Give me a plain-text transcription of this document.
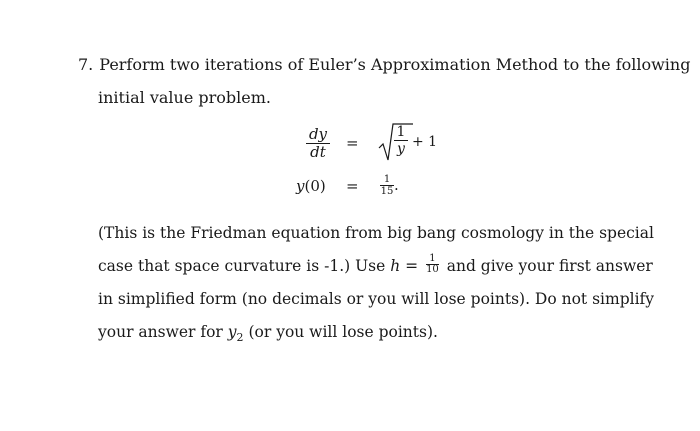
7. Perform two iterations of Euler’s Approximation Method to the following
initial value problem.
dy
dt =
1
y + 1
y(0) =	1
15 .
(This is the Friedman equation from big bang cosmology in the special
case that space curvature is -1.) Use $h = \frac{1}{10}$ and give your first answer
in simplified form (no decimals or you will lose points). Do not simplify
your answer for $y_2$ (or you will lose points).
